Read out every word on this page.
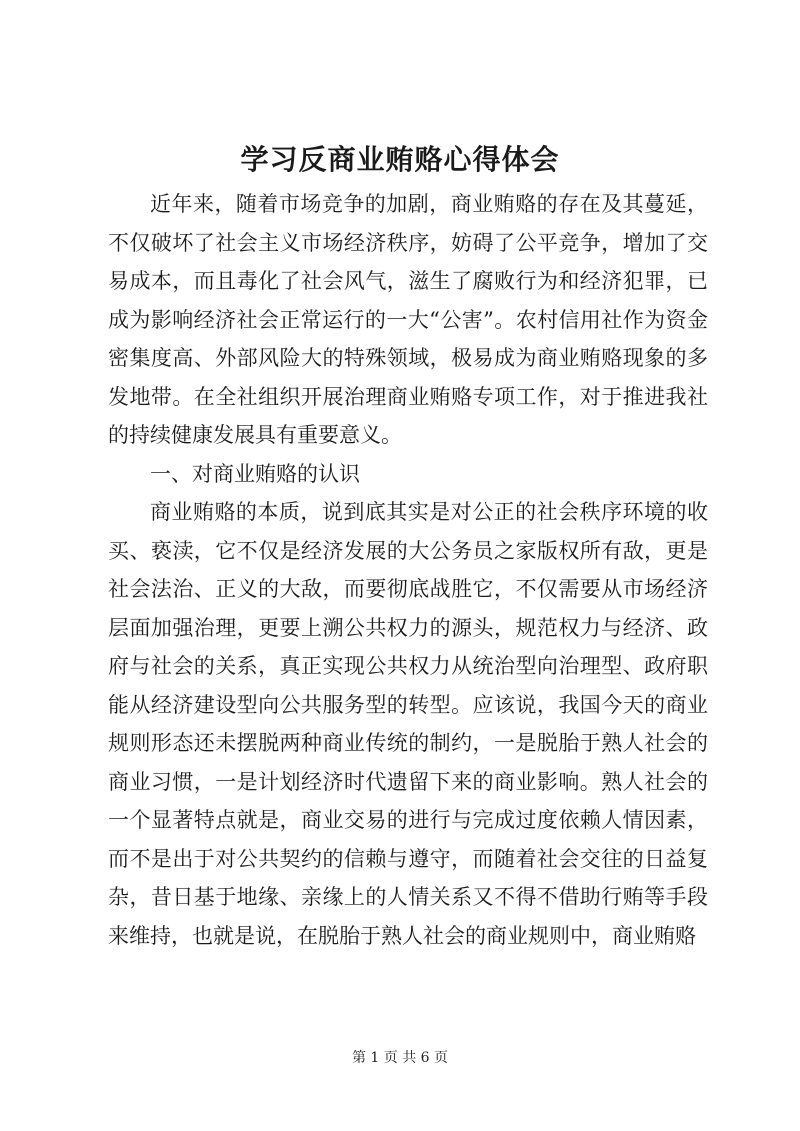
学习反商业贿赂心得体会

近年来，随着市场竞争的加剧，商业贿赂的存在及其蔓延，不仅破坏了社会主义市场经济秩序，妨碍了公平竞争，增加了交易成本，而且毒化了社会风气，滋生了腐败行为和经济犯罪，已成为影响经济社会正常运行的一大“公害”。农村信用社作为资金密集度高、外部风险大的特殊领域，极易成为商业贿赂现象的多发地带。在全社组织开展治理商业贿赂专项工作，对于推进我社的持续健康发展具有重要意义。

一、对商业贿赂的认识

商业贿赂的本质，说到底其实是对公正的社会秩序环境的收买、亵渎，它不仅是经济发展的大公务员之家版权所有敌，更是社会法治、正义的大敌，而要彻底战胜它，不仅需要从市场经济层面加强治理，更要上溯公共权力的源头，规范权力与经济、政府与社会的关系，真正实现公共权力从统治型向治理型、政府职能从经济建设型向公共服务型的转型。应该说，我国今天的商业规则形态还未摆脱两种商业传统的制约，一是脱胎于熟人社会的商业习惯，一是计划经济时代遗留下来的商业影响。熟人社会的一个显著特点就是，商业交易的进行与完成过度依赖人情因素，而不是出于对公共契约的信赖与遵守，而随着社会交往的日益复杂，昔日基于地缘、亲缘上的人情关系又不得不借助行贿等手段来维持，也就是说，在脱胎于熟人社会的商业规则中，商业贿赂

第 1 页 共 6 页
